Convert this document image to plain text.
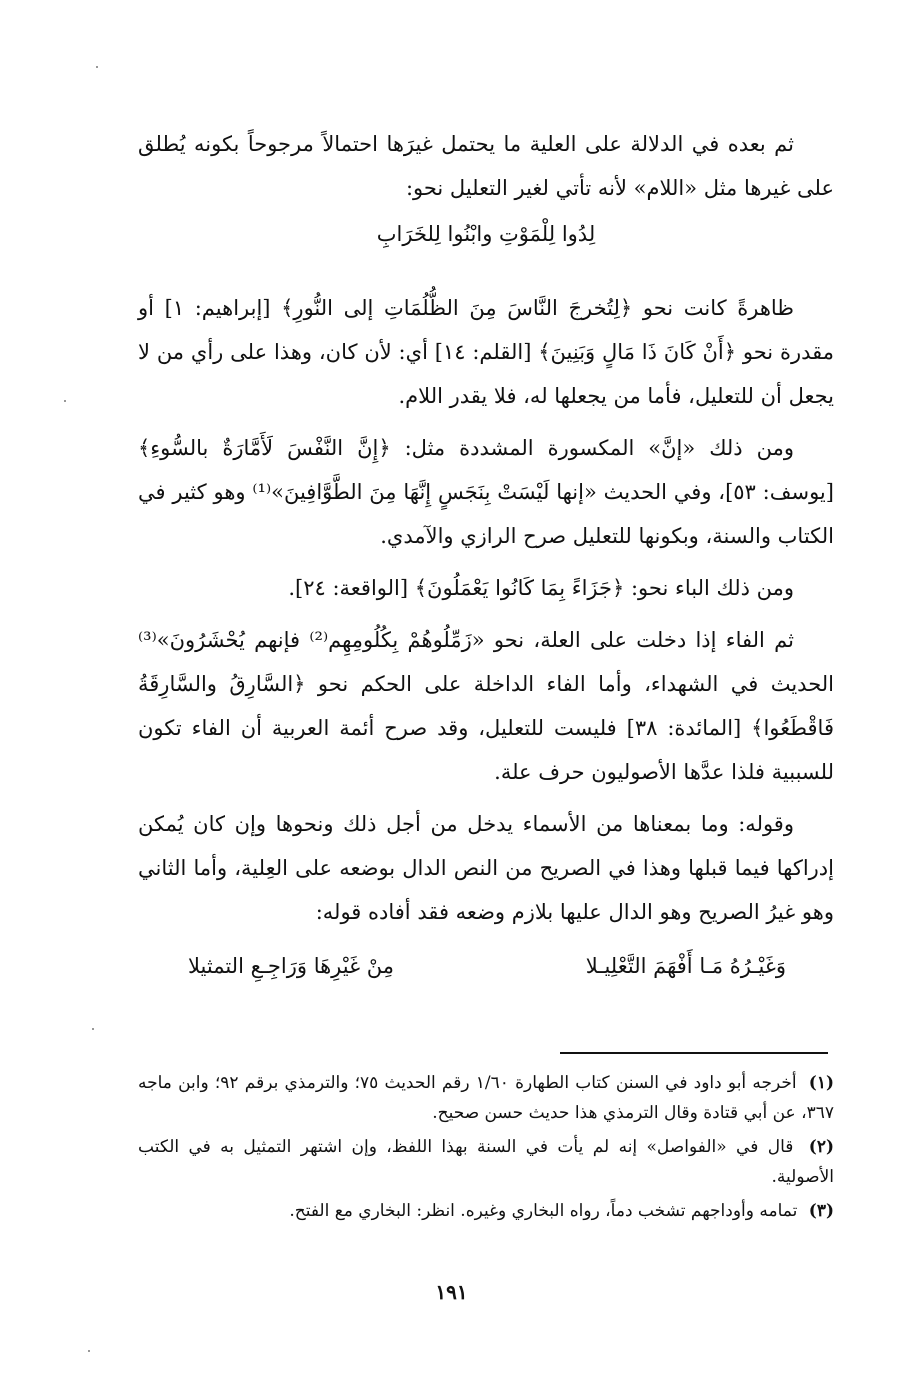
ثم بعده في الدلالة على العلية ما يحتمل غيرَها احتمالاً مرجوحاً بكونه يُطلق على غيرها مثل «اللام» لأنه تأتي لغير التعليل نحو:

لِدُوا لِلْمَوْتِ وابْنُوا لِلخَرَابِ

ظاهرةً كانت نحو ﴿لِتُخرجَ النَّاسَ مِنَ الظُّلُمَاتِ إلى النُّورِ﴾ [إبراهيم: ١] أو مقدرة نحو ﴿أَنْ كَانَ ذَا مَالٍ وَبَنِينَ﴾ [القلم: ١٤] أي: لأن كان، وهذا على رأي من لا يجعل أن للتعليل، فأما من يجعلها له، فلا يقدر اللام.

ومن ذلك «إنَّ» المكسورة المشددة مثل: ﴿إِنَّ النَّفْسَ لَأَمَّارَةٌ بالسُّوءِ﴾ [يوسف: ٥٣]، وفي الحديث «إنها لَيْسَتْ بِنَجَسٍ إِنَّهَا مِنَ الطَّوَّافِينَ»⁽¹⁾ وهو كثير في الكتاب والسنة، وبكونها للتعليل صرح الرازي والآمدي.

ومن ذلك الباء نحو: ﴿جَزَاءً بِمَا كَانُوا يَعْمَلُونَ﴾ [الواقعة: ٢٤].

ثم الفاء إذا دخلت على العلة، نحو «زَمِّلُوهُمْ بِكُلُومِهِم⁽²⁾ فإنهم يُحْشَرُونَ»⁽³⁾ الحديث في الشهداء، وأما الفاء الداخلة على الحكم نحو ﴿السَّارِقُ والسَّارِقَةُ فَاقْطَعُوا﴾ [المائدة: ٣٨] فليست للتعليل، وقد صرح أئمة العربية أن الفاء تكون للسببية فلذا عدَّها الأصوليون حرف علة.

وقوله: وما بمعناها من الأسماء يدخل من أجل ذلك ونحوها وإن كان يُمكن إدراكها فيما قبلها وهذا في الصريح من النص الدال بوضعه على العِلية، وأما الثاني وهو غيرُ الصريح وهو الدال عليها بلازم وضعه فقد أفاده قوله:

وَغَيْـرُهُ مَـا أَفْهَمَ التَّعْلِيـلا
مِنْ غَيْرِهَا وَرَاجِـعِ التمثيلا

(١) أخرجه أبو داود في السنن كتاب الطهارة ١/٦٠ رقم الحديث ٧٥؛ والترمذي برقم ٩٢؛ وابن ماجه ٣٦٧، عن أبي قتادة وقال الترمذي هذا حديث حسن صحيح.

(٢) قال في «الفواصل» إنه لم يأت في السنة بهذا اللفظ، وإن اشتهر التمثيل به في الكتب الأصولية.

(٣) تمامه وأوداجهم تشخب دماً، رواه البخاري وغيره. انظر: البخاري مع الفتح.

١٩١
